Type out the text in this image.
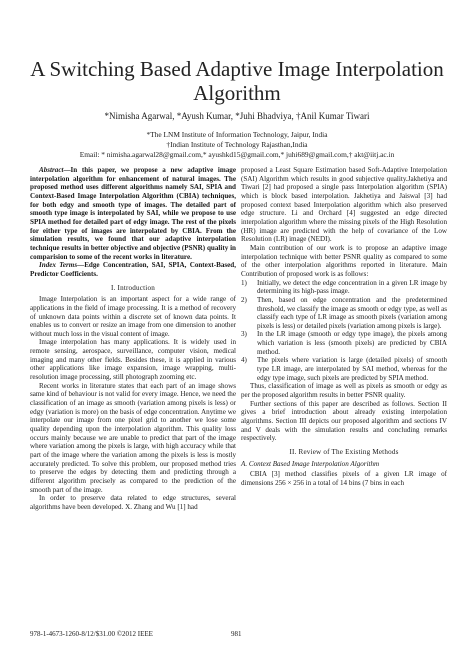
A Switching Based Adaptive Image Interpolation
Algorithm
*Nimisha Agarwal, *Ayush Kumar, *Juhi Bhadviya, †Anil Kumar Tiwari
*The LNM Institute of Information Technology, Jaipur, India
†Indian Institute of Technology Rajasthan,India
Email: * nimisha.agarwal28@gmail.com,* ayushkd15@gmail.com,* juhi689@gmail.com,† akt@iitj.ac.in

Abstract—In this paper, we propose a new adaptive image interpolation algorithm for enhancement of natural images. The proposed method uses different algorithms namely SAI, SPIA and Context-Based Image Interpolation Algorithm (CBIA) techniques, for both edgy and smooth type of images. The detailed part of smooth type image is interpolated by SAI, while we propose to use SPIA method for detailed part of edgy image. The rest of the pixels for either type of images are interpolated by CBIA. From the simulation results, we found that our adaptive interpolation technique results in better objective and objective (PSNR) quality in comparision to some of the recent works in literature.

Index Terms—Edge Concentration, SAI, SPIA, Context-Based, Predictor Coefficients.

I. Introduction

Image Interpolation is an important aspect for a wide range of applications in the field of image processing. It is a method of recovery of unknown data points within a discrete set of known data points. It enables us to convert or resize an image from one dimension to another without much loss in the visual content of image.

Image interpolation has many applications. It is widely used in remote sensing, aerospace, surveillance, computer vision, medical imaging and many other fields. Besides these, it is applied in various other applications like image expansion, image wrapping, multi-resolution image processing, still photograph zooming etc.

Recent works in literature states that each part of an image shows same kind of behaviour is not valid for every image. Hence, we need the classification of an image as smooth (variation among pixels is less) or edgy (variation is more) on the basis of edge concentration. Anytime we interpolate our image from one pixel grid to another we lose some quality depending upon the interpolation algorithm. This quality loss occurs mainly because we are unable to predict that part of the image where variation among the pixels is large, with high accuracy while that part of the image where the variation among the pixels is less is mostly accurately predicted. To solve this problem, our proposed method tries to preserve the edges by detecting them and predicting through a different algorithm precisely as compared to the prediction of the smooth part of the image.

In order to preserve data related to edge structures, several algorithms have been developed. X. Zhang and Wu [1] had

proposed a Least Square Estimation based Soft-Adaptive Interpolation (SAI) Algorithm which results in good subjective quality.Jakhetiya and Tiwari [2] had proposed a single pass Interpolation algorithm (SPIA) which is block based interpolation. Jakhetiya and Jaiswal [3] had proposed context based Interpolation algorithm which also preserved edge structure. Li and Orchard [4] suggested an edge directed interpolation algorithm where the missing pixels of the High Resolution (HR) image are predicted with the help of covariance of the Low Resolution (LR) image (NEDI).

Main contribution of our work is to propose an adaptive image interpolation technique with better PSNR quality as compared to some of the other interpolation algorithms reported in literature. Main Contribution of proposed work is as follows:

1) Initially, we detect the edge concentration in a given LR image by determining its high-pass image.
2) Then, based on edge concentration and the predetermined threshold, we classify the image as smooth or edgy type, as well as classify each type of LR image as smooth pixels (variation among pixels is less) or detailed pixels (variation among pixels is large).
3) In the LR image (smooth or edgy type image), the pixels among which variation is less (smooth pixels) are predicted by CBIA method.
4) The pixels where variation is large (detailed pixels) of smooth type LR image, are interpolated by SAI method, whereas for the edgy type image, such pixels are predicted by SPIA method.

Thus, classification of image as well as pixels as smooth or edgy as per the proposed algorithm results in better PSNR quality.

Further sections of this paper are described as follows. Section II gives a brief introduction about already existing interpolation algorithms. Section III depicts our proposed algorithm and sections IV and V deals with the simulation results and concluding remarks respectively.

II. Review of The Existing Methods
A. Context Based Image Interpolation Algorithm

CBIA [3] method classifies pixels of a given LR image of dimensions 256 × 256 in a total of 14 bins (7 bins in each

978-1-4673-1260-8/12/$31.00 ©2012 IEEE	981
